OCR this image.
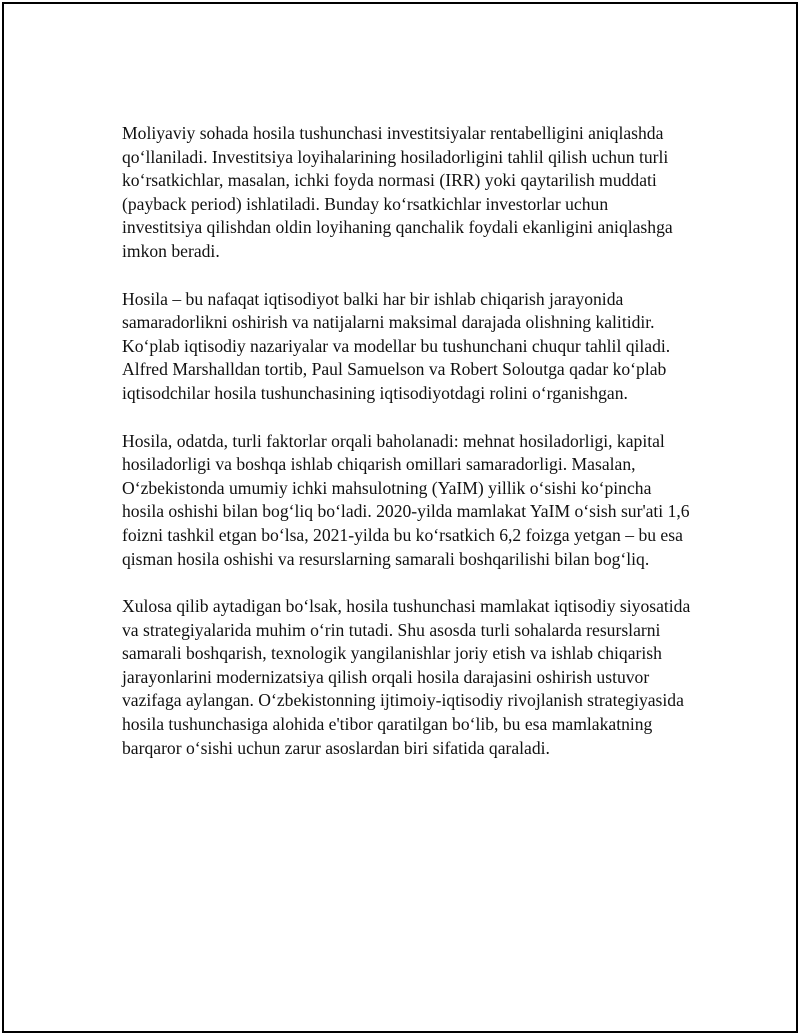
Moliyaviy sohada hosila tushunchasi investitsiyalar rentabelligini aniqlashda qo‘llaniladi. Investitsiya loyihalarining hosiladorligini tahlil qilish uchun turli ko‘rsatkichlar, masalan, ichki foyda normasi (IRR) yoki qaytarilish muddati (payback period) ishlatiladi. Bunday ko‘rsatkichlar investorlar uchun investitsiya qilishdan oldin loyihaning qanchalik foydali ekanligini aniqlashga imkon beradi.

Hosila – bu nafaqat iqtisodiyot balki har bir ishlab chiqarish jarayonida samaradorlikni oshirish va natijalarni maksimal darajada olishning kalitidir. Ko‘plab iqtisodiy nazariyalar va modellar bu tushunchani chuqur tahlil qiladi. Alfred Marshalldan tortib, Paul Samuelson va Robert Soloutga qadar ko‘plab iqtisodchilar hosila tushunchasining iqtisodiyotdagi rolini o‘rganishgan.

Hosila, odatda, turli faktorlar orqali baholanadi: mehnat hosiladorligi, kapital hosiladorligi va boshqa ishlab chiqarish omillari samaradorligi. Masalan, O‘zbekistonda umumiy ichki mahsulotning (YaIM) yillik o‘sishi ko‘pincha hosila oshishi bilan bog‘liq bo‘ladi. 2020-yilda mamlakat YaIM o‘sish sur'ati 1,6 foizni tashkil etgan bo‘lsa, 2021-yilda bu ko‘rsatkich 6,2 foizga yetgan – bu esa qisman hosila oshishi va resurslarning samarali boshqarilishi bilan bog‘liq.

Xulosa qilib aytadigan bo‘lsak, hosila tushunchasi mamlakat iqtisodiy siyosatida va strategiyalarida muhim o‘rin tutadi. Shu asosda turli sohalarda resurslarni samarali boshqarish, texnologik yangilanishlar joriy etish va ishlab chiqarish jarayonlarini modernizatsiya qilish orqali hosila darajasini oshirish ustuvor vazifaga aylangan. O‘zbekistonning ijtimoiy-iqtisodiy rivojlanish strategiyasida hosila tushunchasiga alohida e'tibor qaratilgan bo‘lib, bu esa mamlakatning barqaror o‘sishi uchun zarur asoslardan biri sifatida qaraladi.
